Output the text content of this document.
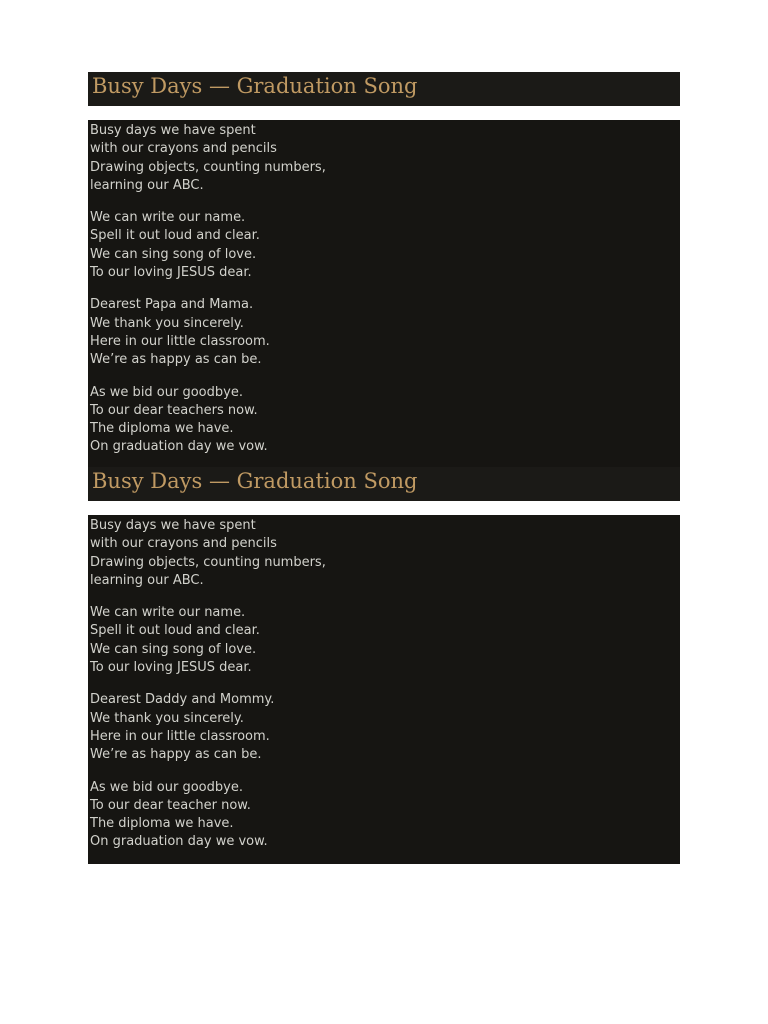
Busy Days — Graduation Song
Busy days we have spent
with our crayons and pencils
Drawing objects, counting numbers,
learning our ABC.
We can write our name.
Spell it out loud and clear.
We can sing song of love.
To our loving JESUS dear.
Dearest Papa and Mama.
We thank you sincerely.
Here in our little classroom.
We’re as happy as can be.
As we bid our goodbye.
To our dear teachers now.
The diploma we have.
On graduation day we vow.
Busy Days — Graduation Song
Busy days we have spent
with our crayons and pencils
Drawing objects, counting numbers,
learning our ABC.
We can write our name.
Spell it out loud and clear.
We can sing song of love.
To our loving JESUS dear.
Dearest Daddy and Mommy.
We thank you sincerely.
Here in our little classroom.
We’re as happy as can be.
As we bid our goodbye.
To our dear teacher now.
The diploma we have.
On graduation day we vow.
